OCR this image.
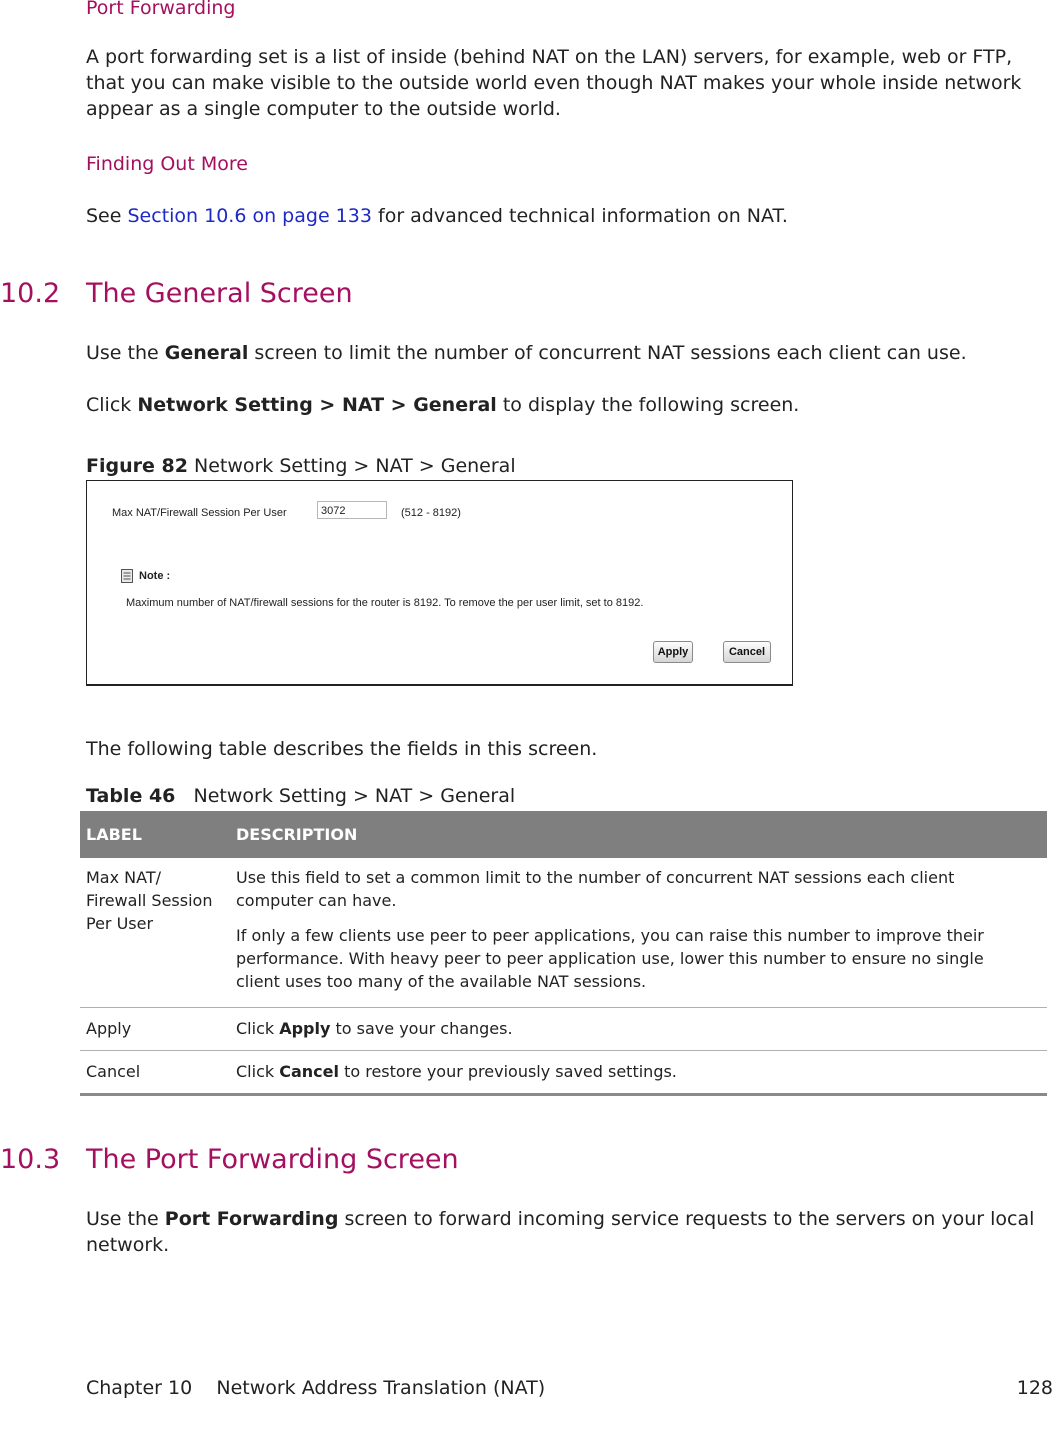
Port Forwarding
A port forwarding set is a list of inside (behind NAT on the LAN) servers, for example, web or FTP, that you can make visible to the outside world even though NAT makes your whole inside network appear as a single computer to the outside world.
Finding Out More
See Section 10.6 on page 133 for advanced technical information on NAT.
10.2 The General Screen
Use the General screen to limit the number of concurrent NAT sessions each client can use.
Click Network Setting > NAT > General to display the following screen.
Figure 82 Network Setting > NAT > General
Max NAT/Firewall Session Per User	3072	(512 - 8192)
Note :
Maximum number of NAT/firewall sessions for the router is 8192. To remove the per user limit, set to 8192.
Apply	Cancel
The following table describes the fields in this screen.
Table 46 Network Setting > NAT > General
LABEL	DESCRIPTION
Max NAT/ Firewall Session Per User	Use this field to set a common limit to the number of concurrent NAT sessions each client computer can have.

If only a few clients use peer to peer applications, you can raise this number to improve their performance. With heavy peer to peer application use, lower this number to ensure no single client uses too many of the available NAT sessions.

Apply	Click Apply to save your changes.
Cancel	Click Cancel to restore your previously saved settings.
10.3 The Port Forwarding Screen
Use the Port Forwarding screen to forward incoming service requests to the servers on your local network.
Chapter 10 Network Address Translation (NAT)	128
